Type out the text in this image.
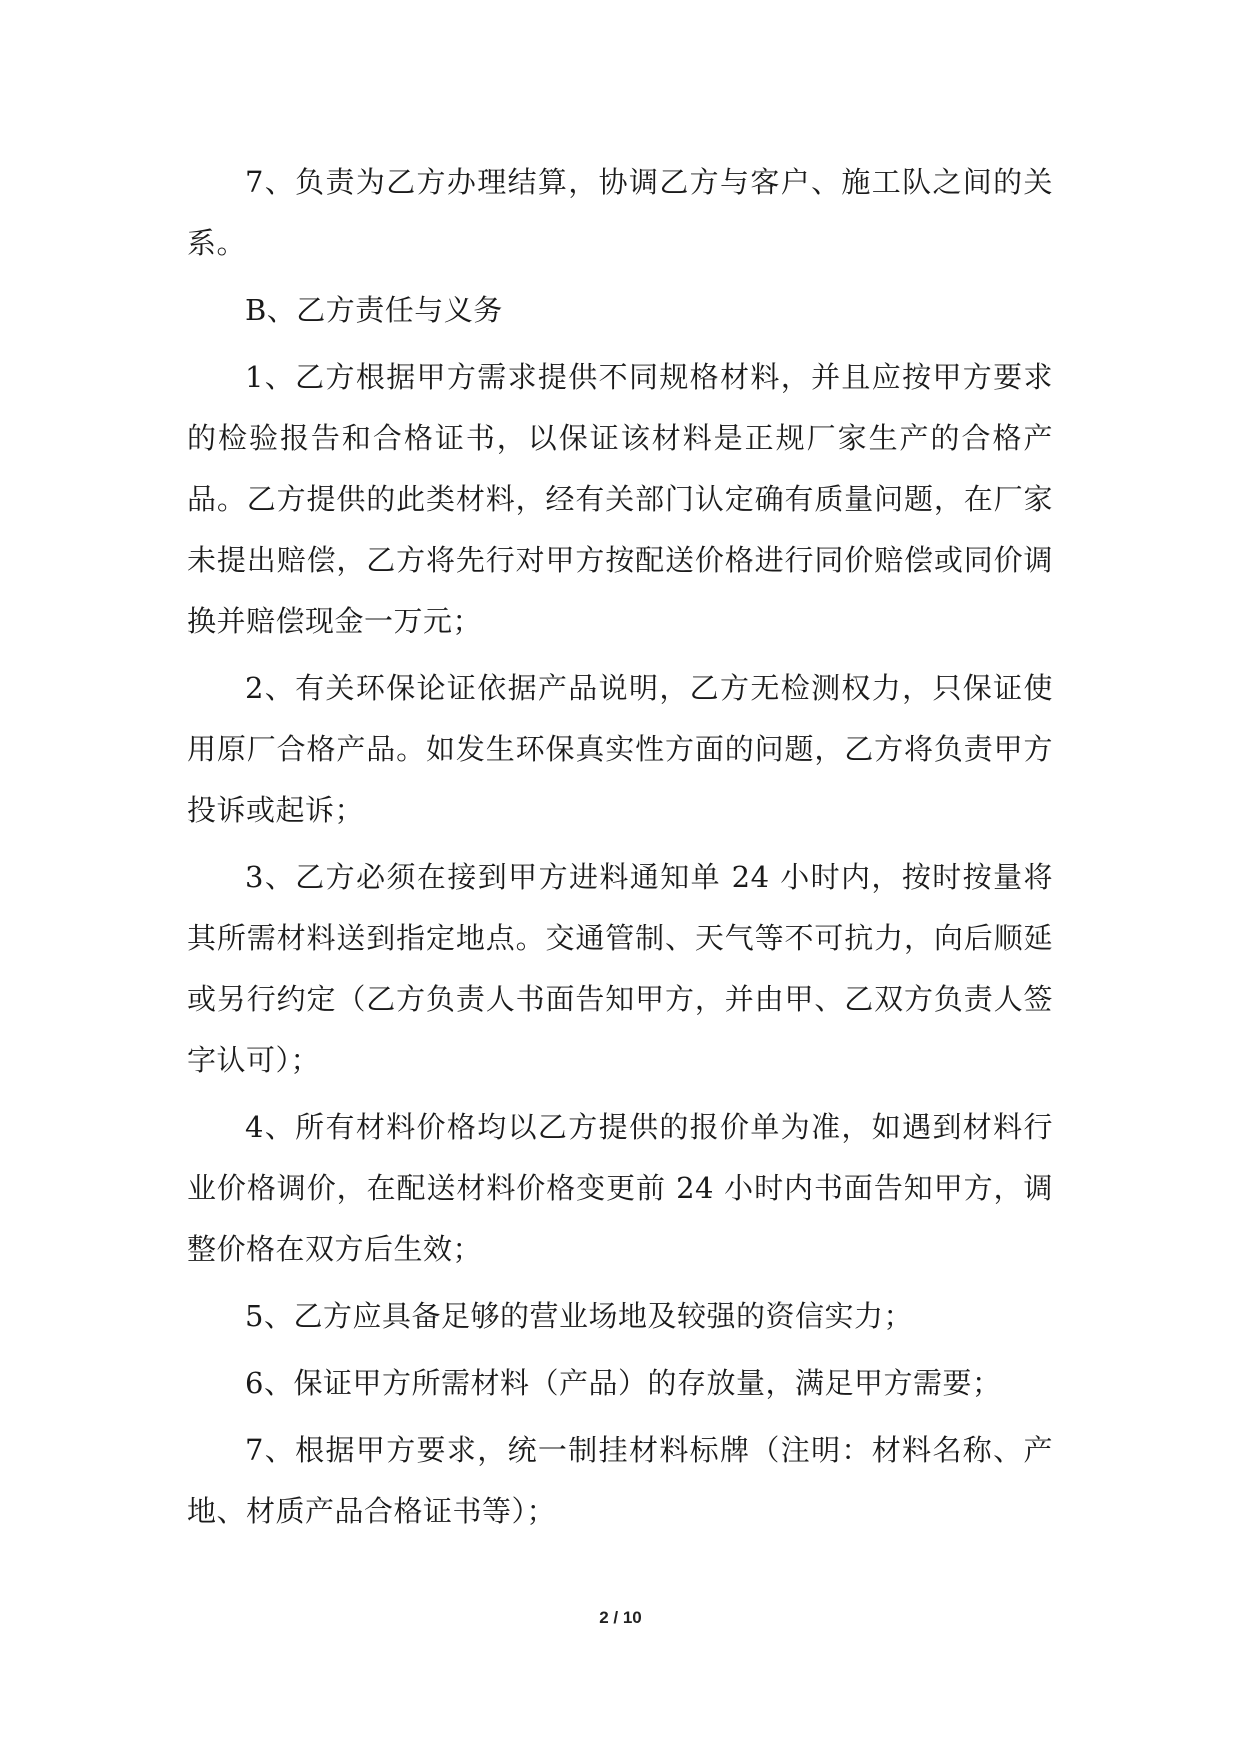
7、负责为乙方办理结算，协调乙方与客户、施工队之间的关系。

B、乙方责任与义务

1、乙方根据甲方需求提供不同规格材料，并且应按甲方要求的检验报告和合格证书，以保证该材料是正规厂家生产的合格产品。乙方提供的此类材料，经有关部门认定确有质量问题，在厂家未提出赔偿，乙方将先行对甲方按配送价格进行同价赔偿或同价调换并赔偿现金一万元；

2、有关环保论证依据产品说明，乙方无检测权力，只保证使用原厂合格产品。如发生环保真实性方面的问题，乙方将负责甲方投诉或起诉；

3、乙方必须在接到甲方进料通知单 24 小时内，按时按量将其所需材料送到指定地点。交通管制、天气等不可抗力，向后顺延或另行约定（乙方负责人书面告知甲方，并由甲、乙双方负责人签字认可）；

4、所有材料价格均以乙方提供的报价单为准，如遇到材料行业价格调价，在配送材料价格变更前 24 小时内书面告知甲方，调整价格在双方后生效；

5、乙方应具备足够的营业场地及较强的资信实力；

6、保证甲方所需材料（产品）的存放量，满足甲方需要；

7、根据甲方要求，统一制挂材料标牌（注明：材料名称、产地、材质产品合格证书等）；

2 / 10
